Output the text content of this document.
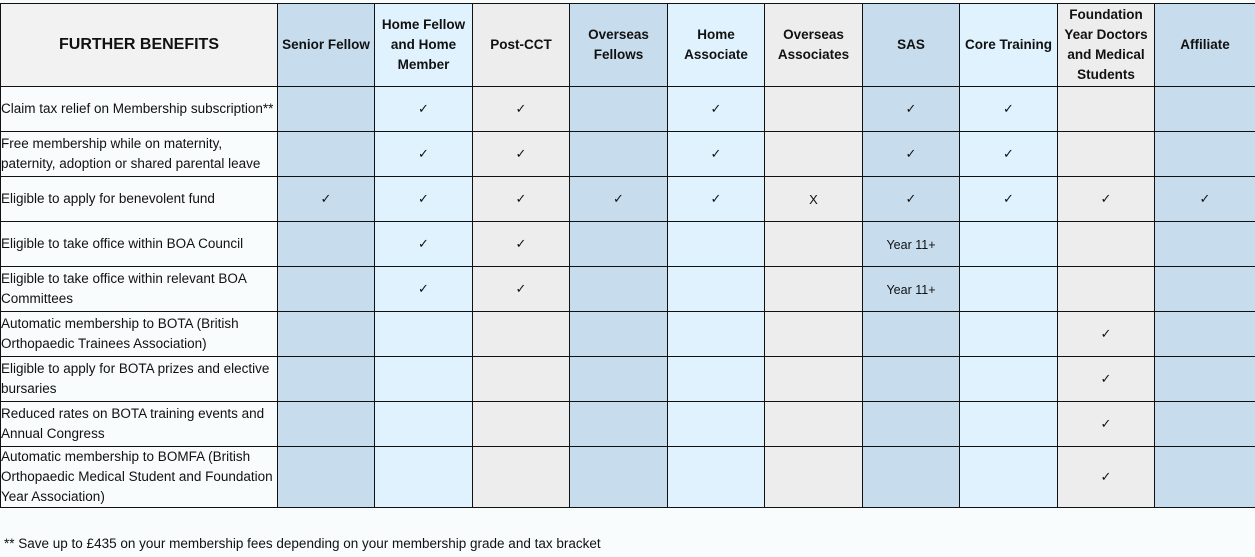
FURTHER BENEFITS	Senior Fellow	Home Fellow and Home Member	Post-CCT	Overseas Fellows	Home Associate	Overseas Associates	SAS	Core Training	Foundation Year Doctors and Medical Students	Affiliate
Claim tax relief on Membership subscription**		✓	✓		✓		✓	✓		
Free membership while on maternity, paternity, adoption or shared parental leave		✓	✓		✓		✓	✓		
Eligible to apply for benevolent fund	✓	✓	✓	✓	✓	X	✓	✓	✓	✓
Eligible to take office within BOA Council		✓	✓				Year 11+			
Eligible to take office within relevant BOA Committees		✓	✓				Year 11+			
Automatic membership to BOTA (British Orthopaedic Trainees Association)									✓	
Eligible to apply for BOTA prizes and elective bursaries									✓	
Reduced rates on BOTA training events and Annual Congress									✓	
Automatic membership to BOMFA (British Orthopaedic Medical Student and Foundation Year Association)									✓	
** Save up to £435 on your membership fees depending on your membership grade and tax bracket
